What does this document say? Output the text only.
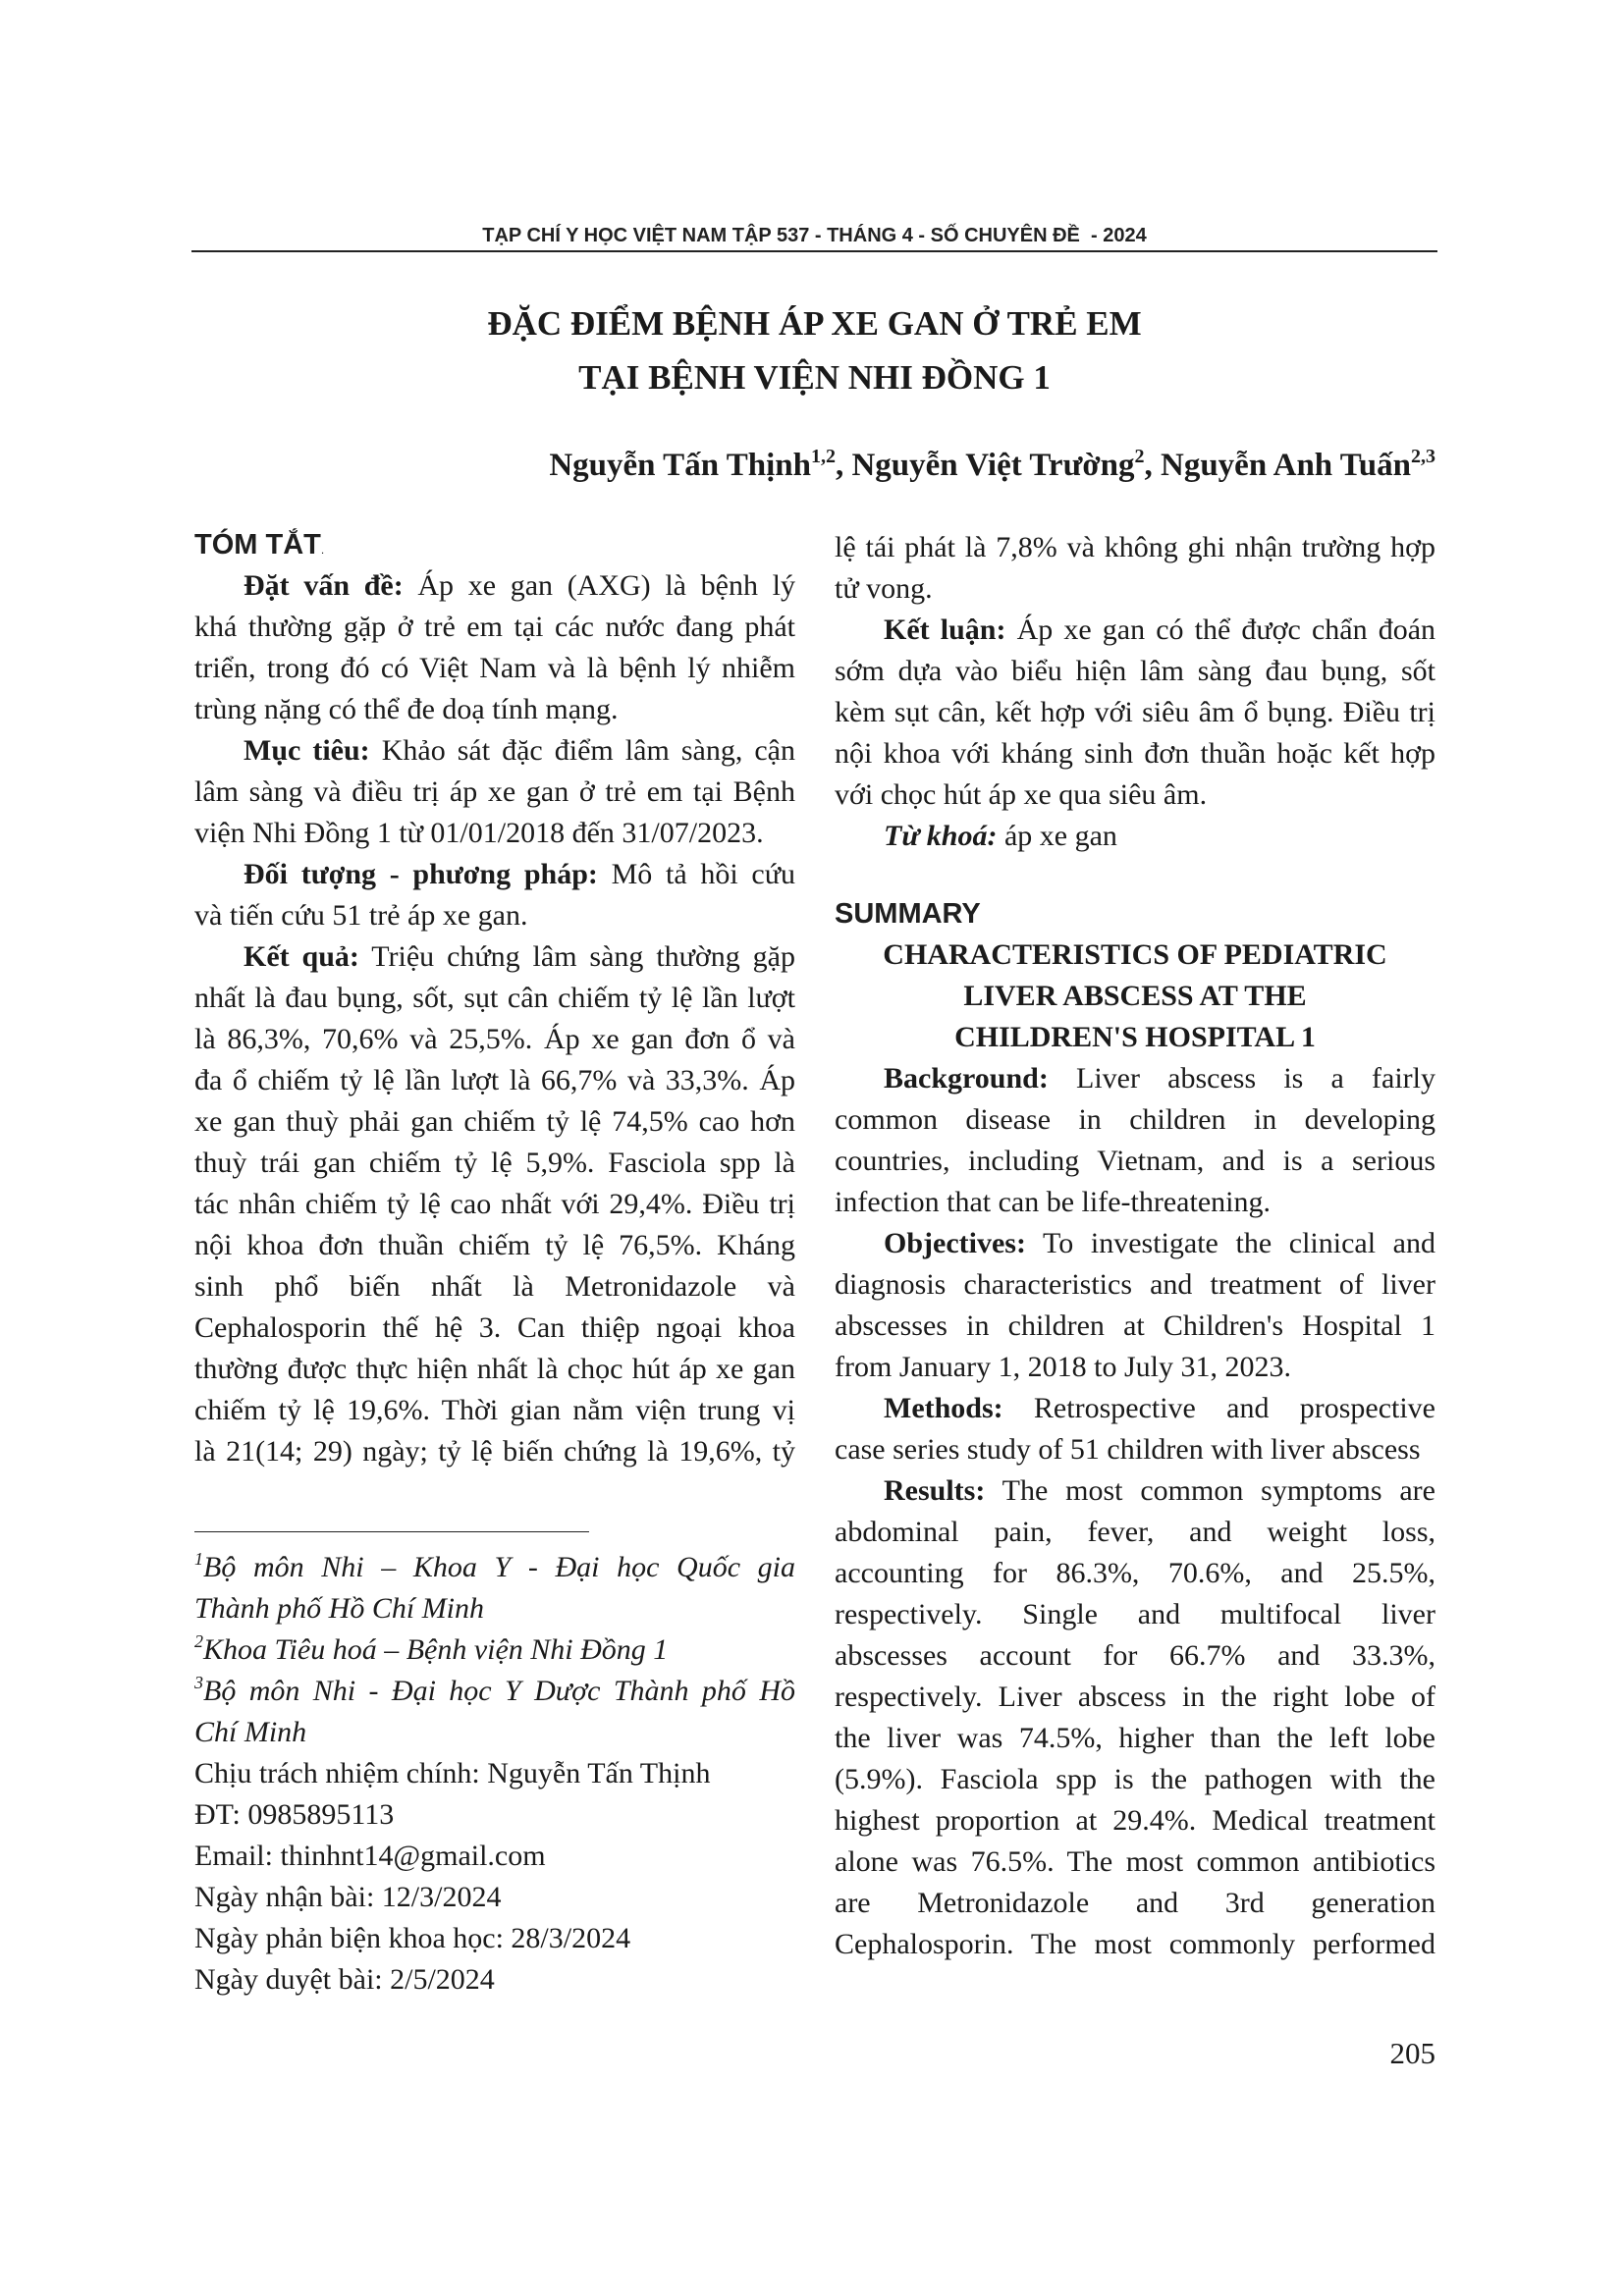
TẠP CHÍ Y HỌC VIỆT NAM TẬP 537 - THÁNG 4 - SỐ CHUYÊN ĐỀ  - 2024
ĐẶC ĐIỂM BỆNH ÁP XE GAN Ở TRẺ EM
TẠI BỆNH VIỆN NHI ĐỒNG 1
Nguyễn Tấn Thịnh$^{1,2}$, Nguyễn Việt Trường$^2$, Nguyễn Anh Tuấn$^{2,3}$
TÓM TẮT.
Đặt vấn đề: Áp xe gan (AXG) là bệnh lý
khá thường gặp ở trẻ em tại các nước đang phát
triển, trong đó có Việt Nam và là bệnh lý nhiễm
trùng nặng có thể đe doạ tính mạng.
Mục tiêu: Khảo sát đặc điểm lâm sàng, cận
lâm sàng và điều trị áp xe gan ở trẻ em tại Bệnh
viện Nhi Đồng 1 từ 01/01/2018 đến 31/07/2023.
Đối tượng - phương pháp: Mô tả hồi cứu
và tiến cứu 51 trẻ áp xe gan.
Kết quả: Triệu chứng lâm sàng thường gặp
nhất là đau bụng, sốt, sụt cân chiếm tỷ lệ lần lượt
là 86,3%, 70,6% và 25,5%. Áp xe gan đơn ổ và
đa ổ chiếm tỷ lệ lần lượt là 66,7% và 33,3%. Áp
xe gan thuỳ phải gan chiếm tỷ lệ 74,5% cao hơn
thuỳ trái gan chiếm tỷ lệ 5,9%. Fasciola spp là
tác nhân chiếm tỷ lệ cao nhất với 29,4%. Điều trị
nội khoa đơn thuần chiếm tỷ lệ 76,5%. Kháng
sinh phổ biến nhất là Metronidazole và
Cephalosporin thế hệ 3. Can thiệp ngoại khoa
thường được thực hiện nhất là chọc hút áp xe gan
chiếm tỷ lệ 19,6%. Thời gian nằm viện trung vị
là 21(14; 29) ngày; tỷ lệ biến chứng là 19,6%, tỷ
$^1$Bộ môn Nhi – Khoa Y - Đại học Quốc gia
Thành phố Hồ Chí Minh
$^2$Khoa Tiêu hoá – Bệnh viện Nhi Đồng 1
$^3$Bộ môn Nhi - Đại học Y Dược Thành phố Hồ
Chí Minh
Chịu trách nhiệm chính: Nguyễn Tấn Thịnh
ĐT: 0985895113
Email: thinhnt14@gmail.com
Ngày nhận bài: 12/3/2024
Ngày phản biện khoa học: 28/3/2024
Ngày duyệt bài: 2/5/2024
lệ tái phát là 7,8% và không ghi nhận trường hợp
tử vong.
Kết luận: Áp xe gan có thể được chẩn đoán
sớm dựa vào biểu hiện lâm sàng đau bụng, sốt
kèm sụt cân, kết hợp với siêu âm ổ bụng. Điều trị
nội khoa với kháng sinh đơn thuần hoặc kết hợp
với chọc hút áp xe qua siêu âm.
Từ khoá: áp xe gan
SUMMARY
CHARACTERISTICS OF PEDIATRIC
LIVER ABSCESS AT THE
CHILDREN'S HOSPITAL 1
Background: Liver abscess is a fairly
common disease in children in developing
countries, including Vietnam, and is a serious
infection that can be life-threatening.
Objectives: To investigate the clinical and
diagnosis characteristics and treatment of liver
abscesses in children at Children's Hospital 1
from January 1, 2018 to July 31, 2023.
Methods: Retrospective and prospective
case series study of 51 children with liver abscess
Results: The most common symptoms are
abdominal pain, fever, and weight loss,
accounting for 86.3%, 70.6%, and 25.5%,
respectively. Single and multifocal liver
abscesses account for 66.7% and 33.3%,
respectively. Liver abscess in the right lobe of
the liver was 74.5%, higher than the left lobe
(5.9%). Fasciola spp is the pathogen with the
highest proportion at 29.4%. Medical treatment
alone was 76.5%. The most common antibiotics
are Metronidazole and 3rd generation
Cephalosporin. The most commonly performed
205
